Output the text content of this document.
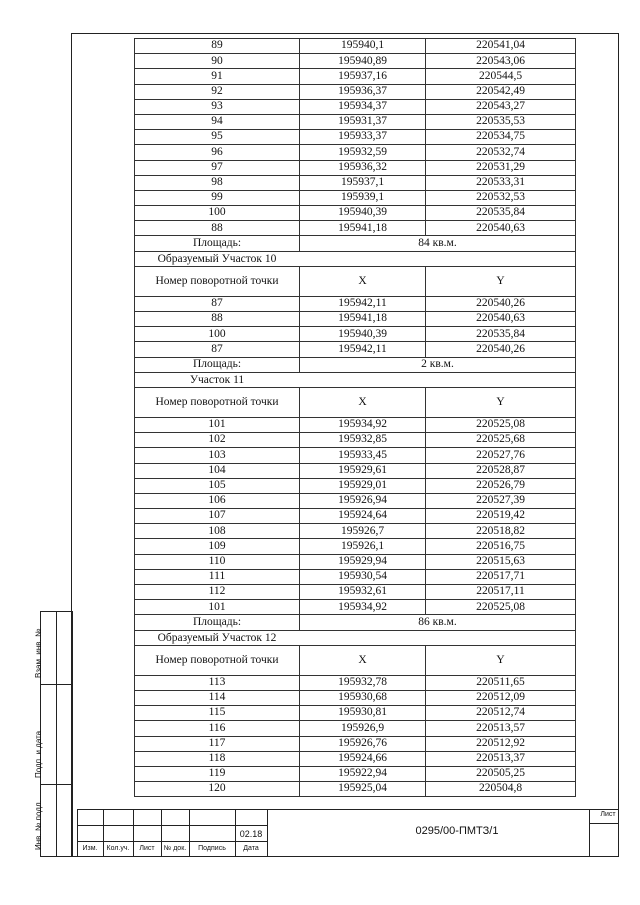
89	195940,1	220541,04
90	195940,89	220543,06
91	195937,16	220544,5
92	195936,37	220542,49
93	195934,37	220543,27
94	195931,37	220535,53
95	195933,37	220534,75
96	195932,59	220532,74
97	195936,32	220531,29
98	195937,1	220533,31
99	195939,1	220532,53
100	195940,39	220535,84
88	195941,18	220540,63
Площадь:	84 кв.м.
Образуемый Участок 10
Номер поворотной точки	X	Y
87	195942,11	220540,26
88	195941,18	220540,63
100	195940,39	220535,84
87	195942,11	220540,26
Площадь:	2 кв.м.
Участок 11
Номер поворотной точки	X	Y
101	195934,92	220525,08
102	195932,85	220525,68
103	195933,45	220527,76
104	195929,61	220528,87
105	195929,01	220526,79
106	195926,94	220527,39
107	195924,64	220519,42
108	195926,7	220518,82
109	195926,1	220516,75
110	195929,94	220515,63
111	195930,54	220517,71
112	195932,61	220517,11
101	195934,92	220525,08
Площадь:	86 кв.м.
Образуемый Участок 12
Номер поворотной точки	X	Y
113	195932,78	220511,65
114	195930,68	220512,09
115	195930,81	220512,74
116	195926,9	220513,57
117	195926,76	220512,92
118	195924,66	220513,37
119	195922,94	220505,25
120	195925,04	220504,8
Взам. инв. №
Подп. и дата
Инв. № подл.	Изм.	Кол.уч.	Лист	№ док.	Подпись	Дата
02.18	0295/00-ПМТЗ/1
Лист
